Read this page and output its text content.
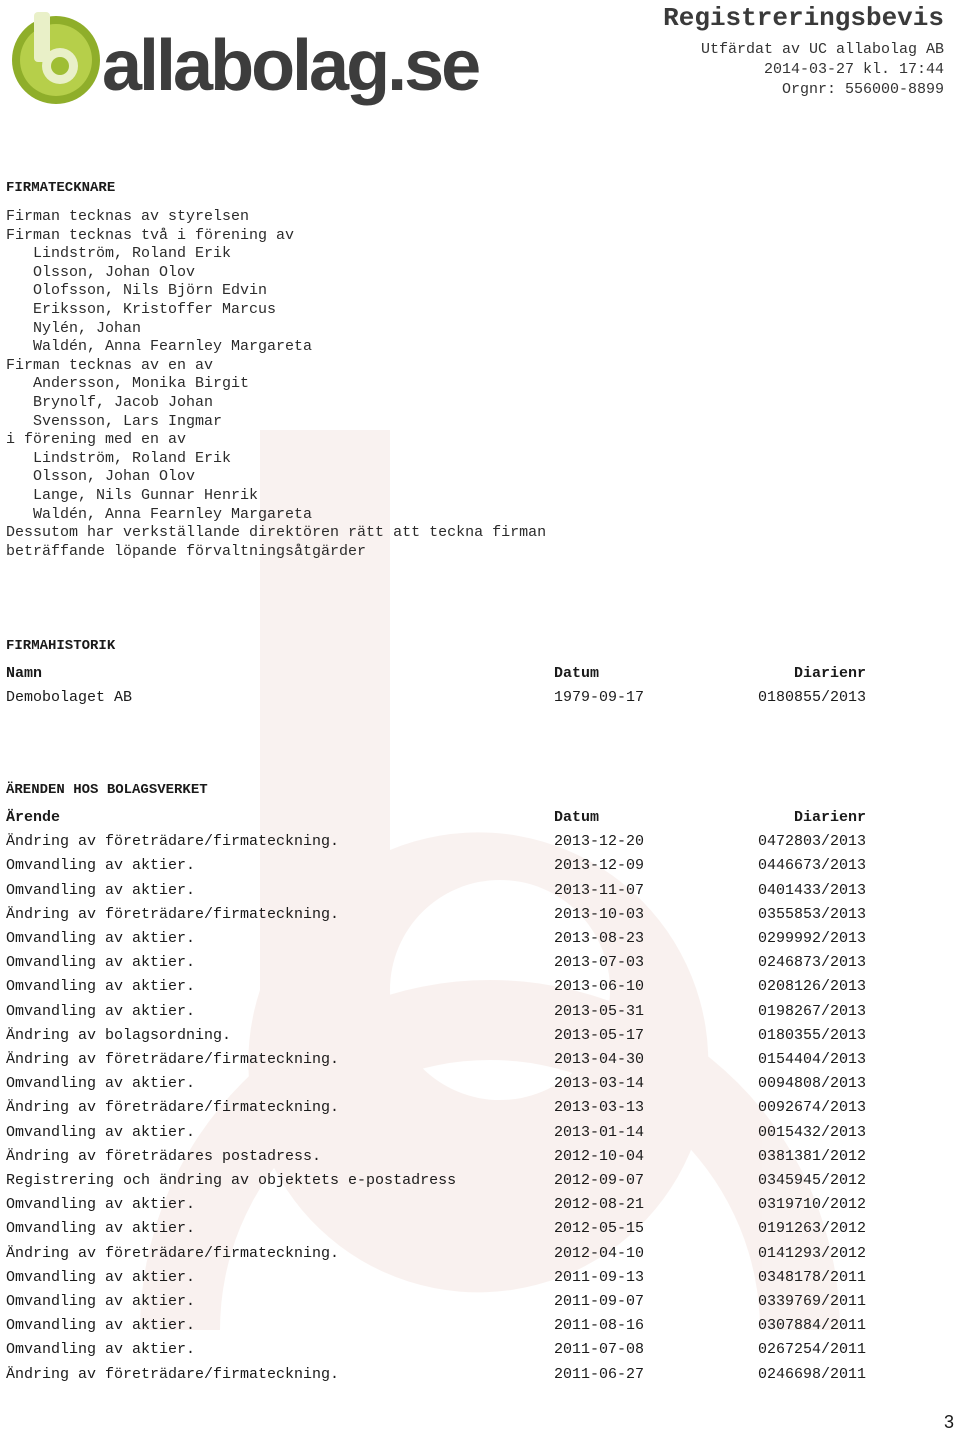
allabolag.se
Registreringsbevis
Utfärdat av UC allabolag AB
2014-03-27 kl. 17:44
Orgnr: 556000-8899
FIRMATECKNARE
Firman tecknas av styrelsen
Firman tecknas två i förening av
Lindström, Roland Erik
Olsson, Johan Olov
Olofsson, Nils Björn Edvin
Eriksson, Kristoffer Marcus
Nylén, Johan
Waldén, Anna Fearnley Margareta
Firman tecknas av en av
Andersson, Monika Birgit
Brynolf, Jacob Johan
Svensson, Lars Ingmar
i förening med en av
Lindström, Roland Erik
Olsson, Johan Olov
Lange, Nils Gunnar Henrik
Waldén, Anna Fearnley Margareta
Dessutom har verkställande direktören rätt att teckna firman
beträffande löpande förvaltningsåtgärder
FIRMAHISTORIK
Namn	Datum	Diarienr
Demobolaget AB	1979-09-17	0180855/2013
ÄRENDEN HOS BOLAGSVERKET
Ärende	Datum	Diarienr
Ändring av företrädare/firmateckning.	2013-12-20	0472803/2013
Omvandling av aktier.	2013-12-09	0446673/2013
Omvandling av aktier.	2013-11-07	0401433/2013
Ändring av företrädare/firmateckning.	2013-10-03	0355853/2013
Omvandling av aktier.	2013-08-23	0299992/2013
Omvandling av aktier.	2013-07-03	0246873/2013
Omvandling av aktier.	2013-06-10	0208126/2013
Omvandling av aktier.	2013-05-31	0198267/2013
Ändring av bolagsordning.	2013-05-17	0180355/2013
Ändring av företrädare/firmateckning.	2013-04-30	0154404/2013
Omvandling av aktier.	2013-03-14	0094808/2013
Ändring av företrädare/firmateckning.	2013-03-13	0092674/2013
Omvandling av aktier.	2013-01-14	0015432/2013
Ändring av företrädares postadress.	2012-10-04	0381381/2012
Registrering och ändring av objektets e-postadress	2012-09-07	0345945/2012
Omvandling av aktier.	2012-08-21	0319710/2012
Omvandling av aktier.	2012-05-15	0191263/2012
Ändring av företrädare/firmateckning.	2012-04-10	0141293/2012
Omvandling av aktier.	2011-09-13	0348178/2011
Omvandling av aktier.	2011-09-07	0339769/2011
Omvandling av aktier.	2011-08-16	0307884/2011
Omvandling av aktier.	2011-07-08	0267254/2011
Ändring av företrädare/firmateckning.	2011-06-27	0246698/2011
3
